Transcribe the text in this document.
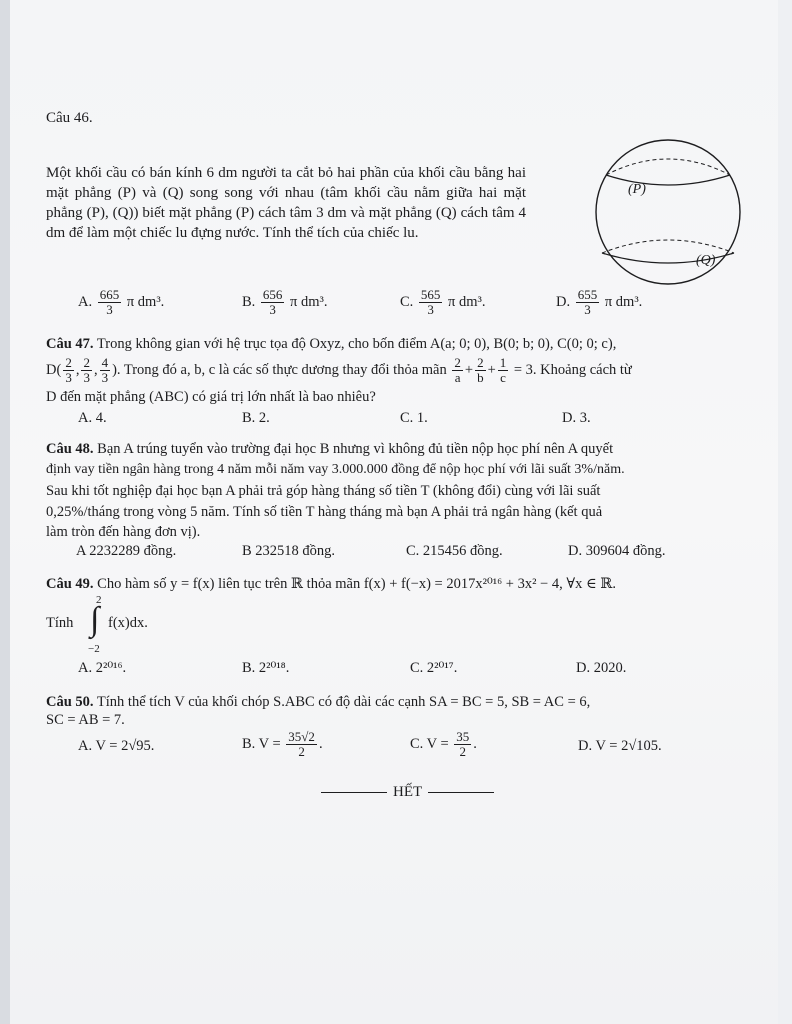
Câu 46.
Một khối cầu có bán kính 6 dm người ta cắt bỏ hai phần của khối cầu bằng hai mặt phẳng (P) và (Q) song song với nhau (tâm khối cầu nằm giữa hai mặt phẳng (P), (Q)) biết mặt phẳng (P) cách tâm 3 dm và mặt phẳng (Q) cách tâm 4 dm để làm một chiếc lu đựng nước. Tính thể tích của chiếc lu.
(P)
(Q)
A. $\frac{665}{3}$ π dm³.	B. $\frac{656}{3}$ π dm³.	C. $\frac{565}{3}$ π dm³.	D. $\frac{655}{3}$ π dm³.
Câu 47. Trong không gian với hệ trục tọa độ Oxyz, cho bốn điểm A(a; 0; 0), B(0; b; 0), C(0; 0; c),
$D( \frac{2}{3}$ , $\frac{2}{3}$ , $\frac{4}{3}$ ). Trong đó a, b, c là các số thực dương thay đổi thỏa mãn $\frac{2}{a} + \frac{2}{b} + \frac{1}{c} = 3$. Khoảng cách từ
D đến mặt phẳng (ABC) có giá trị lớn nhất là bao nhiêu?
A. 4.	B. 2.	C. 1.	D. 3.
Câu 48. Bạn A trúng tuyển vào trường đại học B nhưng vì không đủ tiền nộp học phí nên A quyết
định vay tiền ngân hàng trong 4 năm mỗi năm vay 3.000.000 đồng để nộp học phí với lãi suất 3%/năm.
Sau khi tốt nghiệp đại học bạn A phải trả góp hàng tháng số tiền T (không đổi) cùng với lãi suất
0,25%/tháng trong vòng 5 năm. Tính số tiền T hàng tháng mà bạn A phải trả ngân hàng (kết quả
làm tròn đến hàng đơn vị).
A 2232289 đồng.	B 232518 đồng.	C. 215456 đồng.	D. 309604 đồng.
Câu 49. Cho hàm số y = f(x) liên tục trên ℝ thỏa mãn f(x) + f(−x) = 2017x²⁰¹⁶ + 3x² − 4, ∀x ∈ ℝ.
2
Tính ∫ f(x)dx.
−2
A. 2²⁰¹⁶.	B. 2²⁰¹⁸.	C. 2²⁰¹⁷.	D. 2020.
Câu 50. Tính thể tích V của khối chóp S.ABC có độ dài các cạnh SA = BC = 5, SB = AC = 6,
SC = AB = 7.
A. V = 2√95.	B. $V = \frac{35√2}{2}$ .	C. $V = \frac{35}{2}$ .	D. V = 2√105.
HẾT
